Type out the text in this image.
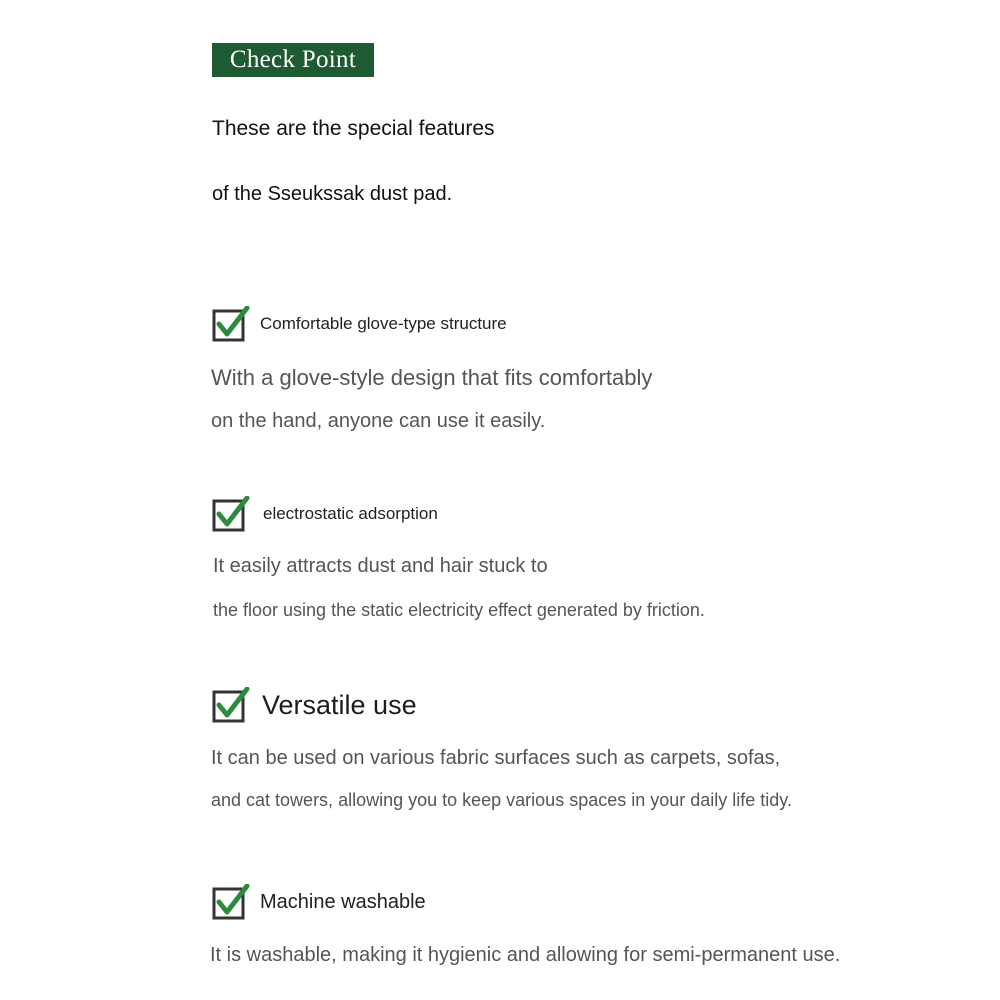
Check Point
These are the special features
of the Sseukssak dust pad.
Comfortable glove-type structure
With a glove-style design that fits comfortably
on the hand, anyone can use it easily.
electrostatic adsorption
It easily attracts dust and hair stuck to
the floor using the static electricity effect generated by friction.
Versatile use
It can be used on various fabric surfaces such as carpets, sofas,
and cat towers, allowing you to keep various spaces in your daily life tidy.
Machine washable
It is washable, making it hygienic and allowing for semi-permanent use.
